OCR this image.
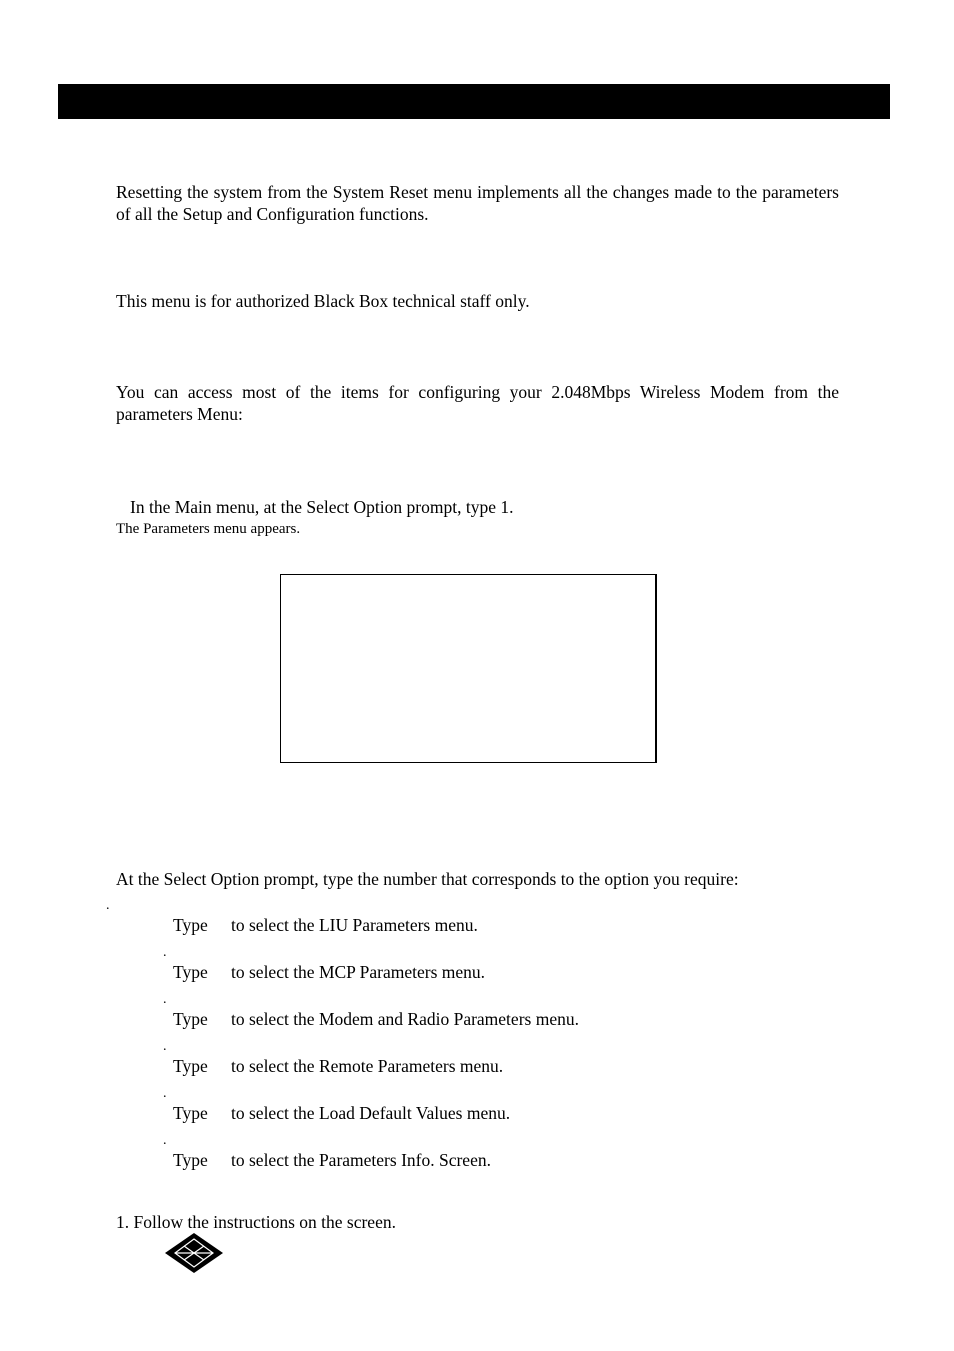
Resetting the system from the System Reset menu implements all the changes made to the parameters of all the Setup and Configuration functions.

This menu is for authorized Black Box technical staff only.

You can access most of the items for configuring your 2.048Mbps Wireless Modem from the parameters Menu:

In the Main menu, at the Select Option prompt, type 1.

The Parameters menu appears.

At the Select Option prompt, type the number that corresponds to the option you require:

.
Type to select the LIU Parameters menu.
.
Type to select the MCP Parameters menu.
.
Type to select the Modem and Radio Parameters menu.
.
Type to select the Remote Parameters menu.
.
Type to select the Load Default Values menu.
.
Type to select the Parameters Info. Screen.

1. Follow the instructions on the screen.
